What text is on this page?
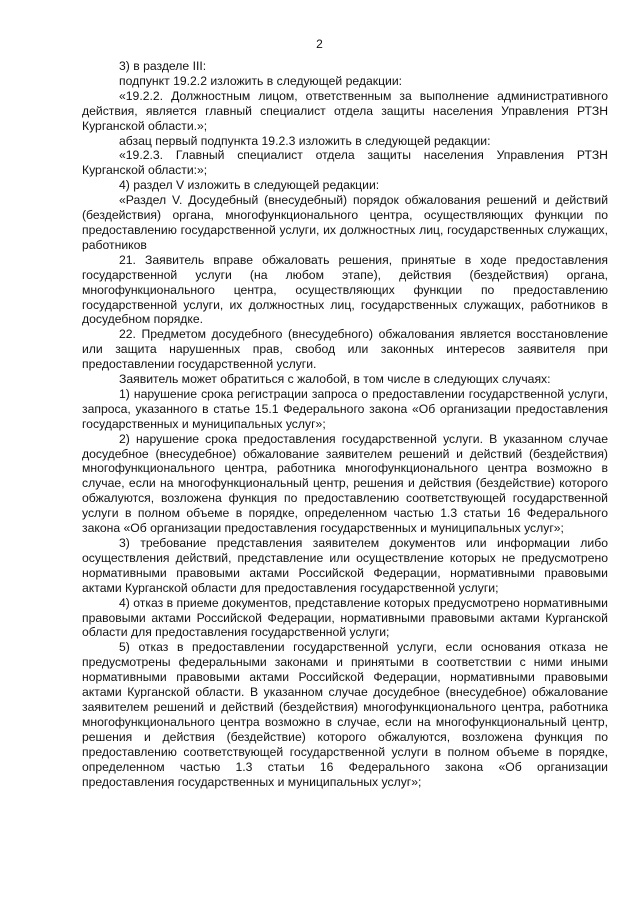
2

3) в разделе III:

подпункт 19.2.2 изложить в следующей редакции:

«19.2.2. Должностным лицом, ответственным за выполнение административного действия, является главный специалист отдела защиты населения Управления РТЗН Курганской области.»;

абзац первый подпункта 19.2.3 изложить в следующей редакции:

«19.2.3. Главный специалист отдела защиты населения Управления РТЗН Курганской области:»;

4) раздел V изложить в следующей редакции:

«Раздел V. Досудебный (внесудебный) порядок обжалования решений и действий (бездействия) органа, многофункционального центра, осуществляющих функции по предоставлению государственной услуги, их должностных лиц, государственных служащих, работников

21. Заявитель вправе обжаловать решения, принятые в ходе предоставления государственной услуги (на любом этапе), действия (бездействия) органа, многофункционального центра, осуществляющих функции по предоставлению государственной услуги, их должностных лиц, государственных служащих, работников в досудебном порядке.

22. Предметом досудебного (внесудебного) обжалования является восстановление или защита нарушенных прав, свобод или законных интересов заявителя при предоставлении государственной услуги.

Заявитель может обратиться с жалобой, в том числе в следующих случаях:

1) нарушение срока регистрации запроса о предоставлении государственной услуги, запроса, указанного в статье 15.1 Федерального закона «Об организации предоставления государственных и муниципальных услуг»;

2) нарушение срока предоставления государственной услуги. В указанном случае досудебное (внесудебное) обжалование заявителем решений и действий (бездействия) многофункционального центра, работника многофункционального центра возможно в случае, если на многофункциональный центр, решения и действия (бездействие) которого обжалуются, возложена функция по предоставлению соответствующей государственной услуги в полном объеме в порядке, определенном частью 1.3 статьи 16 Федерального закона «Об организации предоставления государственных и муниципальных услуг»;

3) требование представления заявителем документов или информации либо осуществления действий, представление или осуществление которых не предусмотрено нормативными правовыми актами Российской Федерации, нормативными правовыми актами Курганской области для предоставления государственной услуги;

4) отказ в приеме документов, представление которых предусмотрено нормативными правовыми актами Российской Федерации, нормативными правовыми актами Курганской области для предоставления государственной услуги;

5) отказ в предоставлении государственной услуги, если основания отказа не предусмотрены федеральными законами и принятыми в соответствии с ними иными нормативными правовыми актами Российской Федерации, нормативными правовыми актами Курганской области. В указанном случае досудебное (внесудебное) обжалование заявителем решений и действий (бездействия) многофункционального центра, работника многофункционального центра возможно в случае, если на многофункциональный центр, решения и действия (бездействие) которого обжалуются, возложена функция по предоставлению соответствующей государственной услуги в полном объеме в порядке, определенном частью 1.3 статьи 16 Федерального закона «Об организации предоставления государственных и муниципальных услуг»;
